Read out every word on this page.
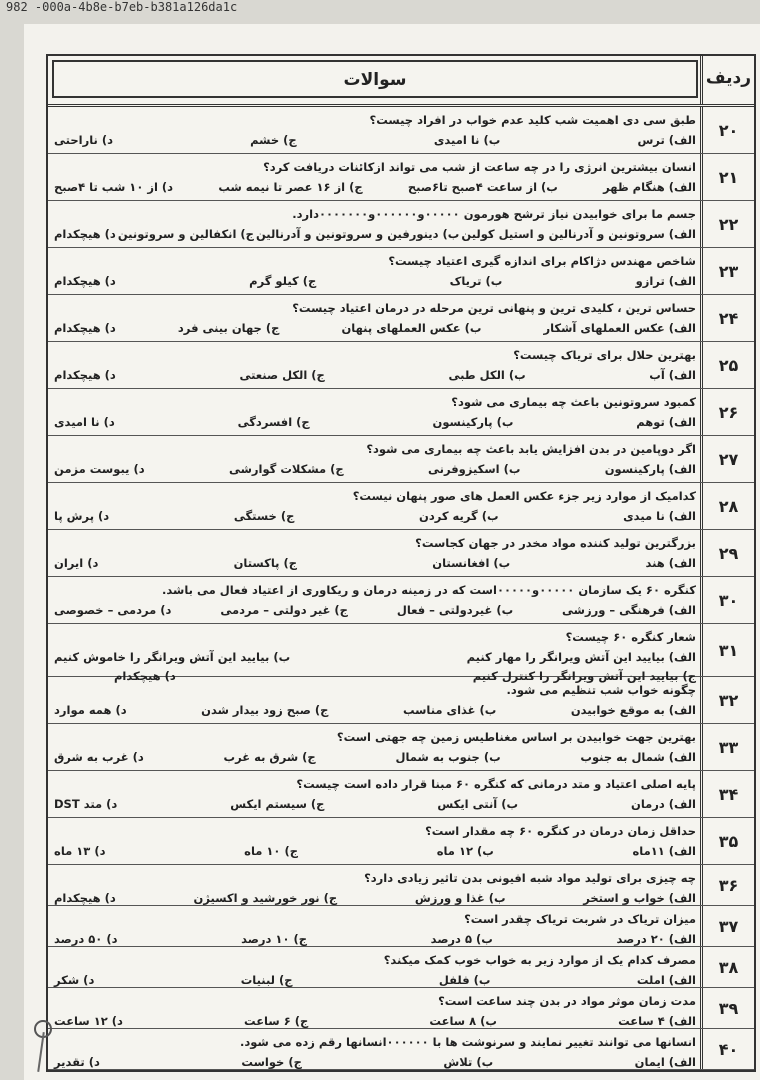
982 -000a-4b8e-b7eb-b381a126da1c
سوالات	ردیف
۲۰
طبق سی دی اهمیت شب کلید عدم خواب در افراد چیست؟
الف) ترس
ب) نا امیدی
ج) خشم
د) ناراحتی
۲۱
انسان بیشترین انرژی را در چه ساعت از شب می تواند ازکائنات دریافت کرد؟
الف) هنگام ظهر
ب) از ساعت ۴صبح تا۶صبح
ج) از ۱۶ عصر تا نیمه شب
د) از ۱۰ شب تا ۴صبح
۲۲
جسم ما برای خوابیدن نیاز ترشح هورمون ۰۰۰۰۰و۰۰۰۰۰۰و۰۰۰۰۰۰۰دارد.
الف) سروتونین و آدرنالین و استیل کولین
ب) دینورفین و سروتونین و آدرنالین
ج) انکفالین و سروتونین
د) هیچکدام
۲۳
شاخص مهندس دژاکام برای اندازه گیری اعتیاد چیست؟
الف) ترازو
ب) تریاک
ج) کیلو گرم
د) هیچکدام
۲۴
حساس ترین ، کلیدی ترین و پنهانی ترین مرحله در درمان اعتیاد چیست؟
الف) عکس العملهای آشکار
ب) عکس العملهای پنهان
ج) جهان بینی فرد
د) هیچکدام
۲۵
بهترین حلال برای تریاک چیست؟
الف) آب
ب) الکل طبی
ج) الکل صنعتی
د) هیچکدام
۲۶
کمبود سروتونین باعث چه بیماری می شود؟
الف) توهم
ب) پارکینسون
ج) افسردگی
د) نا امیدی
۲۷
اگر دوپامین در بدن افزایش یابد باعث چه بیماری می شود؟
الف) پارکینسون
ب) اسکیزوفرنی
ج) مشکلات گوارشی
د) یبوست مزمن
۲۸
کدامیک از موارد زیر جزء عکس العمل های صور پنهان نیست؟
الف) نا میدی
ب) گریه کردن
ج) خستگی
د) پرش پا
۲۹
بزرگترین تولید کننده مواد مخدر در جهان کجاست؟
الف) هند
ب) افغانستان
ج) پاکستان
د) ایران
۳۰
کنگره ۶۰ یک سازمان ۰۰۰۰۰و۰۰۰۰۰است که در زمینه درمان و ریکاوری از اعتیاد فعال می باشد.
الف) فرهنگی – ورزشی
ب) غیردولتی – فعال
ج) غیر دولتی – مردمی
د) مردمی – خصوصی
۳۱
شعار کنگره ۶۰ چیست؟
الف) بیایید این آتش ویرانگر را مهار کنیم
ب) بیایید این آتش ویرانگر را خاموش کنیم
ج) بیایید این آتش ویرانگر را کنترل کنیم
د) هیچکدام
۳۲
چگونه خواب شب تنظیم می شود.
الف) به موقع خوابیدن
ب) غذای مناسب
ج) صبح زود بیدار شدن
د) همه موارد
۳۳
بهترین جهت خوابیدن بر اساس مغناطیس زمین چه جهتی است؟
الف) شمال به جنوب
ب) جنوب به شمال
ج) شرق به غرب
د) غرب به شرق
۳۴
پایه اصلی اعتیاد و متد درمانی که کنگره ۶۰ مبنا قرار داده است چیست؟
الف) درمان
ب) آنتی ایکس
ج) سیستم ایکس
د) متد DST
۳۵
حداقل زمان درمان در کنگره ۶۰ چه مقدار است؟
الف) ۱۱ماه
ب) ۱۲ ماه
ج) ۱۰ ماه
د) ۱۳ ماه
۳۶
چه چیزی برای تولید مواد شبه افیونی بدن تاثیر زیادی دارد؟
الف) خواب و استخر
ب) غذا و ورزش
ج) نور خورشید و اکسیژن
د) هیچکدام
۳۷
میزان تریاک در شربت تریاک چقدر است؟
الف) ۲۰ درصد
ب) ۵ درصد
ج) ۱۰ درصد
د) ۵۰ درصد
۳۸
مصرف کدام یک از موارد زیر به خواب خوب کمک میکند؟
الف) املت
ب) فلفل
ج) لبنیات
د) شکر
۳۹
مدت زمان موثر مواد در بدن چند ساعت است؟
الف) ۴ ساعت
ب) ۸ ساعت
ج) ۶ ساعت
د) ۱۲ ساعت
۴۰
انسانها می توانند تغییر نمایند و سرنوشت ها با ۰۰۰۰۰۰انسانها رقم زده می شود.
الف) ایمان
ب) تلاش
ج) خواست
د) تقدیر
